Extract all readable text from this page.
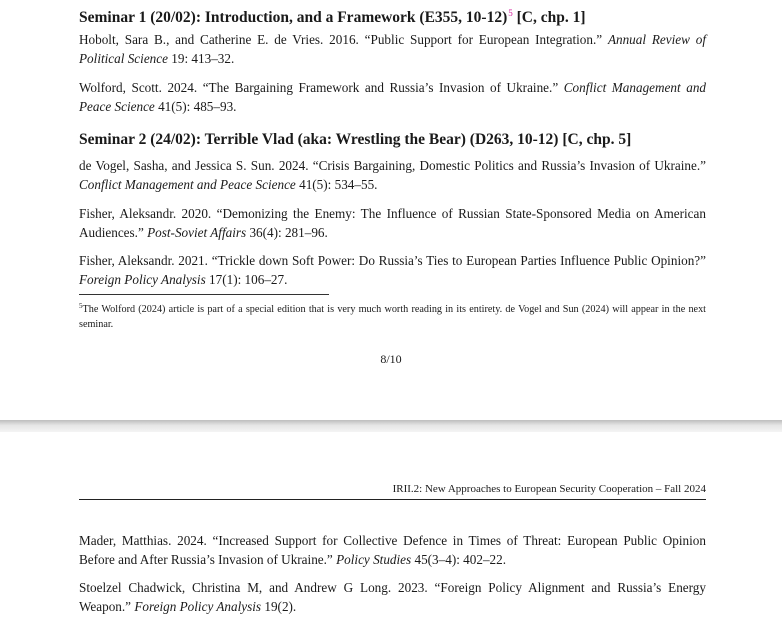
Seminar 1 (20/02): Introduction, and a Framework (E355, 10-12)$^5$ [C, chp. 1]

Hobolt, Sara B., and Catherine E. de Vries. 2016. “Public Support for European Integration.” Annual Review of Political Science 19: 413–32.

Wolford, Scott. 2024. “The Bargaining Framework and Russia’s Invasion of Ukraine.” Conflict Management and Peace Science 41(5): 485–93.

Seminar 2 (24/02): Terrible Vlad (aka: Wrestling the Bear) (D263, 10-12) [C, chp. 5]

de Vogel, Sasha, and Jessica S. Sun. 2024. “Crisis Bargaining, Domestic Politics and Russia’s Invasion of Ukraine.” Conflict Management and Peace Science 41(5): 534–55.

Fisher, Aleksandr. 2020. “Demonizing the Enemy: The Influence of Russian State-Sponsored Media on American Audiences.” Post-Soviet Affairs 36(4): 281–96.

Fisher, Aleksandr. 2021. “Trickle down Soft Power: Do Russia’s Ties to European Parties Influence Public Opinion?” Foreign Policy Analysis 17(1): 106–27.

$^5$The Wolford (2024) article is part of a special edition that is very much worth reading in its entirety. de Vogel and Sun (2024) will appear in the next seminar.
8/10
IRII.2: New Approaches to European Security Cooperation – Fall 2024

Mader, Matthias. 2024. “Increased Support for Collective Defence in Times of Threat: European Public Opinion Before and After Russia’s Invasion of Ukraine.” Policy Studies 45(3–4): 402–22.

Stoelzel Chadwick, Christina M, and Andrew G Long. 2023. “Foreign Policy Alignment and Russia’s Energy Weapon.” Foreign Policy Analysis 19(2).
